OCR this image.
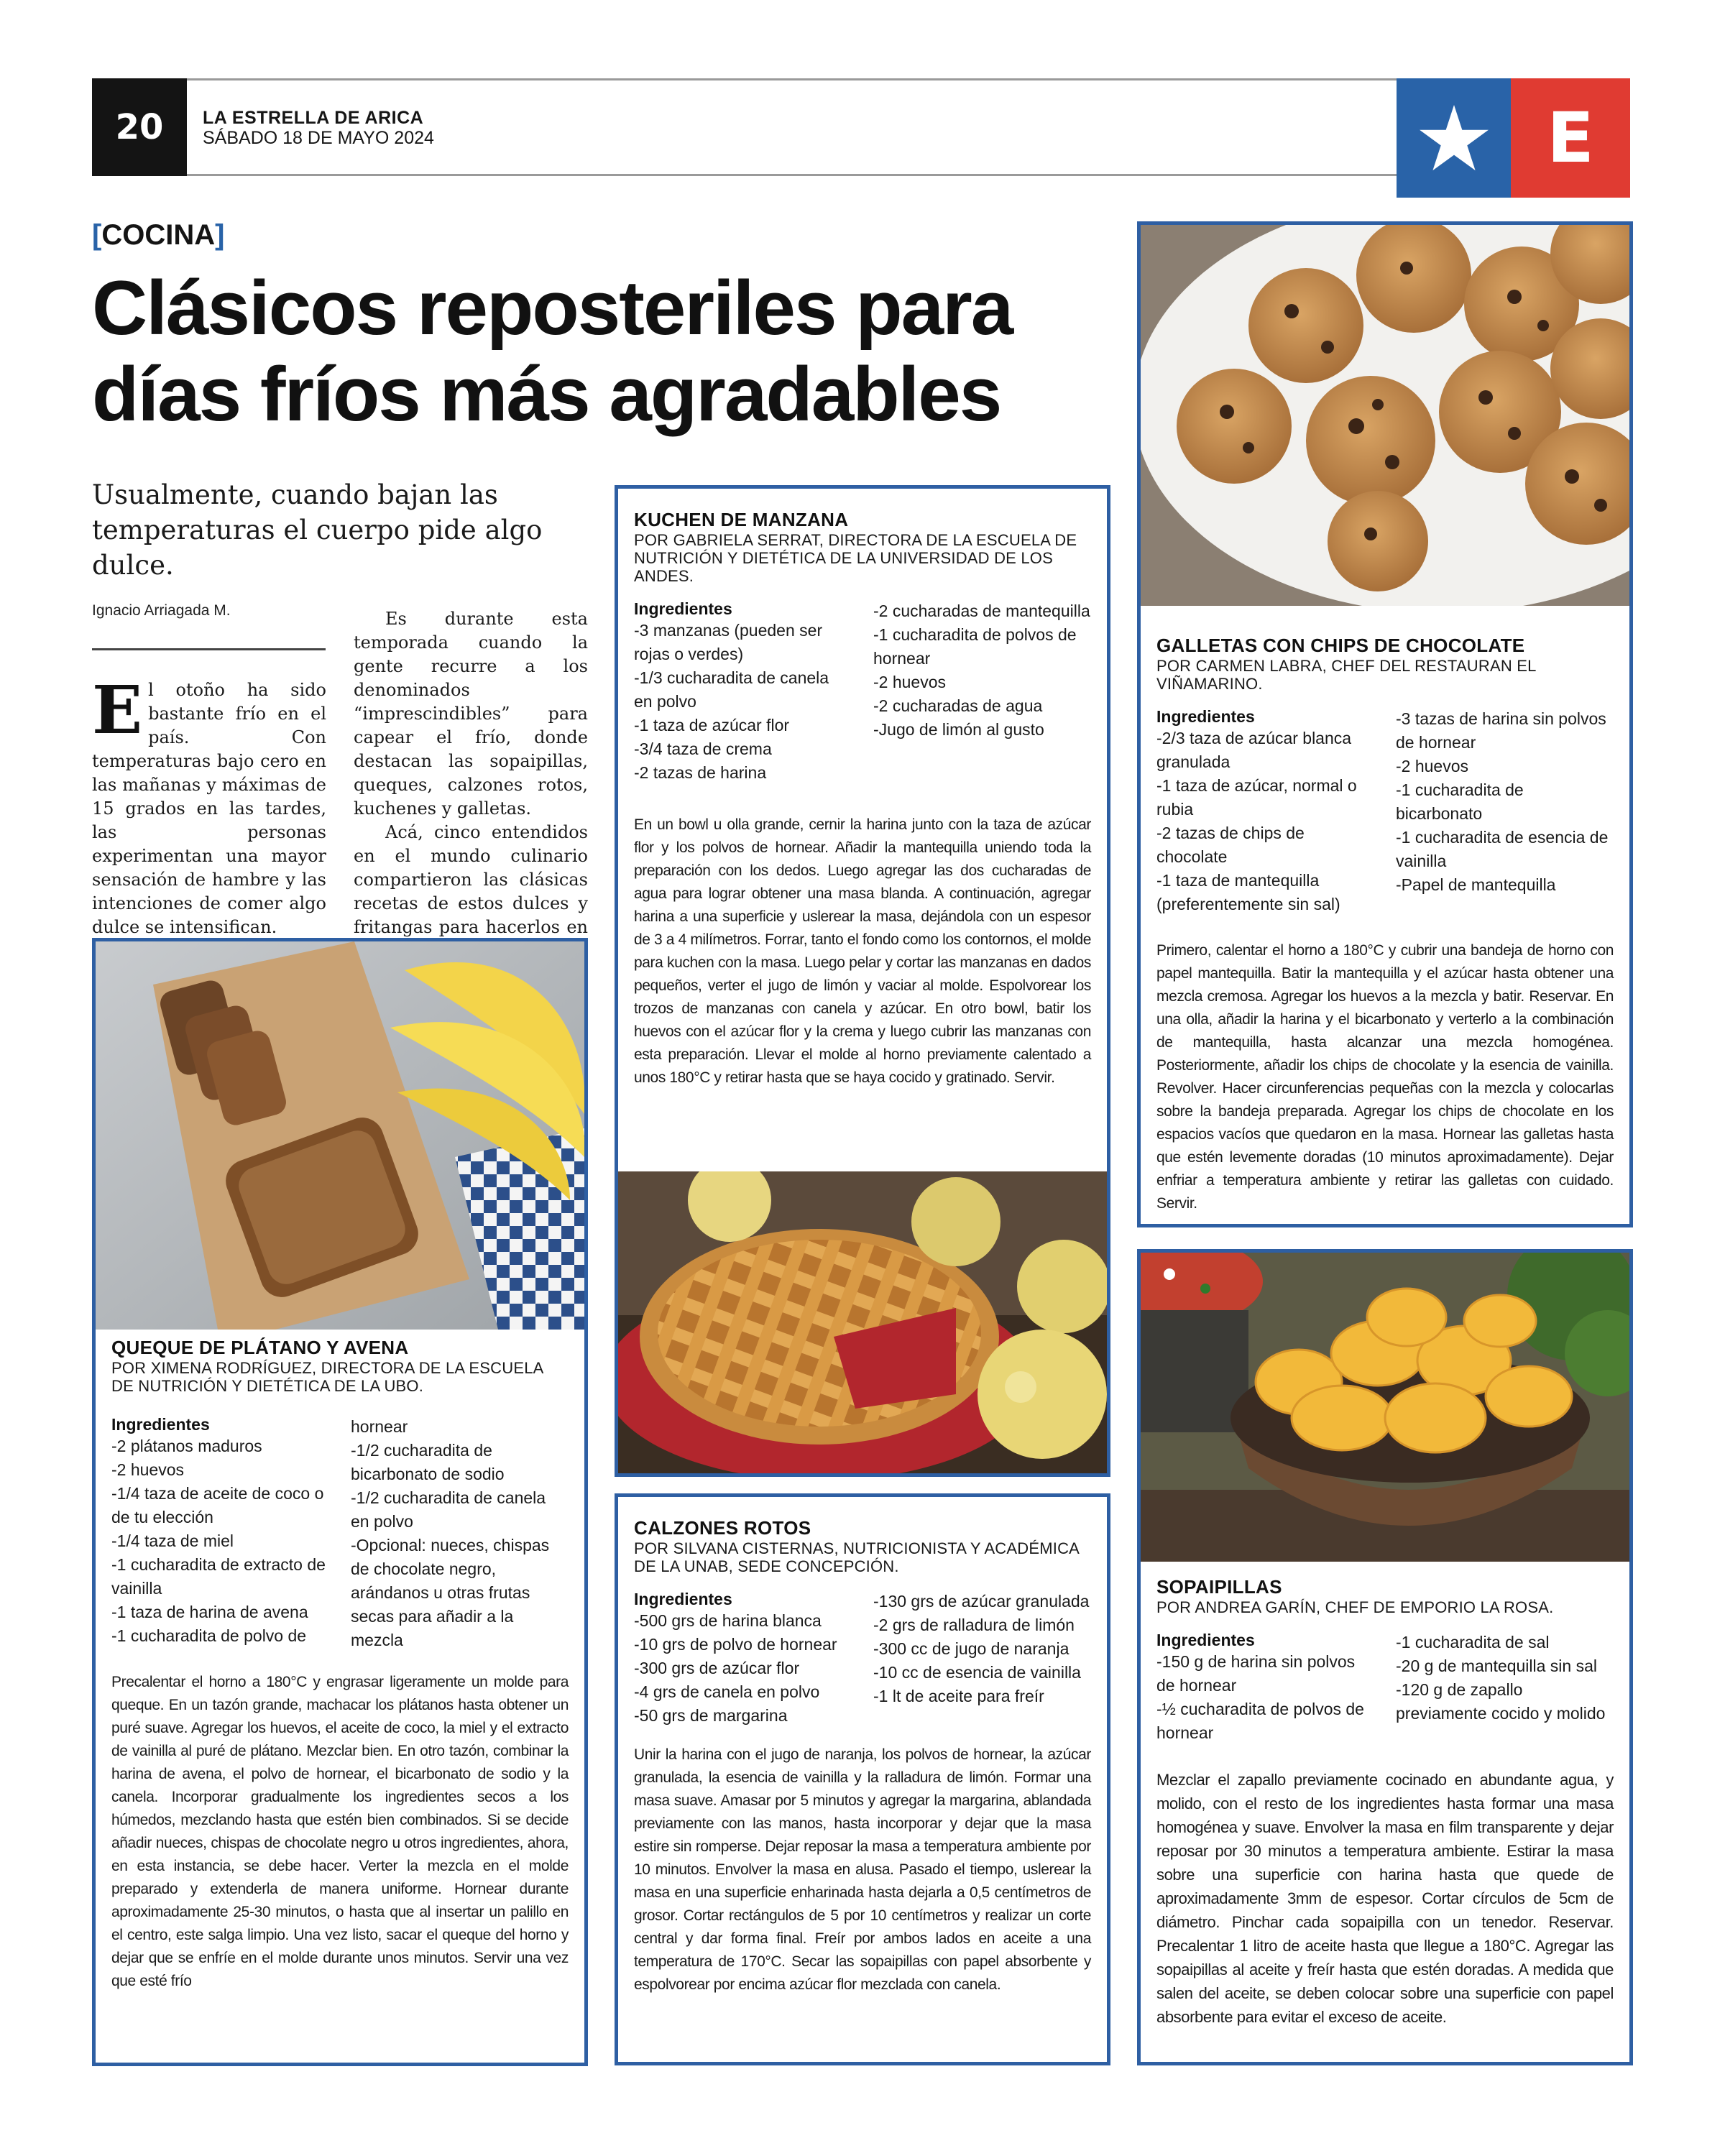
20	LA ESTRELLA DE ARICA
SÁBADO 18 DE MAYO 2024	E
[COCINA]
Clásicos reposteriles para días fríos más agradables
Usualmente, cuando bajan las temperaturas el cuerpo pide algo dulce.
Ignacio Arriagada M.
El otoño ha sido bastante frío en el país. Con temperaturas bajo cero en las mañanas y máximas de 15 grados en las tardes, las personas experimentan una mayor sensación de hambre y las intenciones de comer algo dulce se intensifican.

Es durante esta temporada cuando la gente recurre a los denominados “imprescindibles” para capear el frío, donde destacan las sopaipillas, queques, calzones rotos, kuchenes y galletas.

Acá, cinco entendidos en el mundo culinario compartieron las clásicas recetas de estos dulces y fritangas para hacerlos en

QUEQUE DE PLÁTANO Y AVENA
POR XIMENA RODRÍGUEZ, DIRECTORA DE LA ESCUELA DE NUTRICIÓN Y DIETÉTICA DE LA UBO.
Ingredientes
-2 plátanos maduros
-2 huevos
-1/4 taza de aceite de coco o de tu elección
-1/4 taza de miel
-1 cucharadita de extracto de vainilla
-1 taza de harina de avena
-1 cucharadita de polvo de
hornear
-1/2 cucharadita de bicarbonato de sodio
-1/2 cucharadita de canela en polvo
-Opcional: nueces, chispas de chocolate negro, arándanos u otras frutas secas para añadir a la mezcla
Precalentar el horno a 180°C y engrasar ligeramente un molde para queque. En un tazón grande, machacar los plátanos hasta obtener un puré suave. Agregar los huevos, el aceite de coco, la miel y el extracto de vainilla al puré de plátano. Mezclar bien. En otro tazón, combinar la harina de avena, el polvo de hornear, el bicarbonato de sodio y la canela. Incorporar gradualmente los ingredientes secos a los húmedos, mezclando hasta que estén bien combinados. Si se decide añadir nueces, chispas de chocolate negro u otros ingredientes, ahora, en esta instancia, se debe hacer. Verter la mezcla en el molde preparado y extenderla de manera uniforme. Hornear durante aproximadamente 25-30 minutos, o hasta que al insertar un palillo en el centro, este salga limpio. Una vez listo, sacar el queque del horno y dejar que se enfríe en el molde durante unos minutos. Servir una vez que esté frío
KUCHEN DE MANZANA
POR GABRIELA SERRAT, DIRECTORA DE LA ESCUELA DE NUTRICIÓN Y DIETÉTICA DE LA UNIVERSIDAD DE LOS ANDES.
Ingredientes
-3 manzanas (pueden ser rojas o verdes)
-1/3 cucharadita de canela en polvo
-1 taza de azúcar flor
-3/4 taza de crema
-2 tazas de harina
-2 cucharadas de mantequilla
-1 cucharadita de polvos de hornear
-2 huevos
-2 cucharadas de agua
-Jugo de limón al gusto
En un bowl u olla grande, cernir la harina junto con la taza de azúcar flor y los polvos de hornear. Añadir la mantequilla uniendo toda la preparación con los dedos. Luego agregar las dos cucharadas de agua para lograr obtener una masa blanda. A continuación, agregar harina a una superficie y uslerear la masa, dejándola con un espesor de 3 a 4 milímetros. Forrar, tanto el fondo como los contornos, el molde para kuchen con la masa. Luego pelar y cortar las manzanas en dados pequeños, verter el jugo de limón y vaciar al molde. Espolvorear los trozos de manzanas con canela y azúcar. En otro bowl, batir los huevos con el azúcar flor y la crema y luego cubrir las manzanas con esta preparación. Llevar el molde al horno previamente calentado a unos 180°C y retirar hasta que se haya cocido y gratinado. Servir.
CALZONES ROTOS
POR SILVANA CISTERNAS, NUTRICIONISTA Y ACADÉMICA DE LA UNAB, SEDE CONCEPCIÓN.
Ingredientes
-500 grs de harina blanca
-10 grs de polvo de hornear
-300 grs de azúcar flor
-4 grs de canela en polvo
-50 grs de margarina
-130 grs de azúcar granulada
-2 grs de ralladura de limón
-300 cc de jugo de naranja
-10 cc de esencia de vainilla
-1 lt de aceite para freír
Unir la harina con el jugo de naranja, los polvos de hornear, la azúcar granulada, la esencia de vainilla y la ralladura de limón. Formar una masa suave. Amasar por 5 minutos y agregar la margarina, ablandada previamente con las manos, hasta incorporar y dejar que la masa estire sin romperse. Dejar reposar la masa a temperatura ambiente por 10 minutos. Envolver la masa en alusa. Pasado el tiempo, uslerear la masa en una superficie enharinada hasta dejarla a 0,5 centímetros de grosor. Cortar rectángulos de 5 por 10 centímetros y realizar un corte central y dar forma final. Freír por ambos lados en aceite a una temperatura de 170°C. Secar las sopaipillas con papel absorbente y espolvorear por encima azúcar flor mezclada con canela.
GALLETAS CON CHIPS DE CHOCOLATE
POR CARMEN LABRA, CHEF DEL RESTAURAN EL VIÑAMARINO.
Ingredientes
-2/3 taza de azúcar blanca granulada
-1 taza de azúcar, normal o rubia
-2 tazas de chips de chocolate
-1 taza de mantequilla (preferentemente sin sal)
-3 tazas de harina sin polvos de hornear
-2 huevos
-1 cucharadita de bicarbonato
-1 cucharadita de esencia de vainilla
-Papel de mantequilla
Primero, calentar el horno a 180°C y cubrir una bandeja de horno con papel mantequilla. Batir la mantequilla y el azúcar hasta obtener una mezcla cremosa. Agregar los huevos a la mezcla y batir. Reservar. En una olla, añadir la harina y el bicarbonato y verterlo a la combinación de mantequilla, hasta alcanzar una mezcla homogénea. Posteriormente, añadir los chips de chocolate y la esencia de vainilla. Revolver. Hacer circunferencias pequeñas con la mezcla y colocarlas sobre la bandeja preparada. Agregar los chips de chocolate en los espacios vacíos que quedaron en la masa. Hornear las galletas hasta que estén levemente doradas (10 minutos aproximadamente). Dejar enfriar a temperatura ambiente y retirar las galletas con cuidado. Servir.
SOPAIPILLAS
POR ANDREA GARÍN, CHEF DE EMPORIO LA ROSA.
Ingredientes
-150 g de harina sin polvos de hornear
-½ cucharadita de polvos de hornear
-1 cucharadita de sal
-20 g de mantequilla sin sal
-120 g de zapallo previamente cocido y molido
Mezclar el zapallo previamente cocinado en abundante agua, y molido, con el resto de los ingredientes hasta formar una masa homogénea y suave. Envolver la masa en film transparente y dejar reposar por 30 minutos a temperatura ambiente. Estirar la masa sobre una superficie con harina hasta que quede de aproximadamente 3mm de espesor. Cortar círculos de 5cm de diámetro. Pinchar cada sopaipilla con un tenedor. Reservar. Precalentar 1 litro de aceite hasta que llegue a 180°C. Agregar las sopaipillas al aceite y freír hasta que estén doradas. A medida que salen del aceite, se deben colocar sobre una superficie con papel absorbente para evitar el exceso de aceite.
